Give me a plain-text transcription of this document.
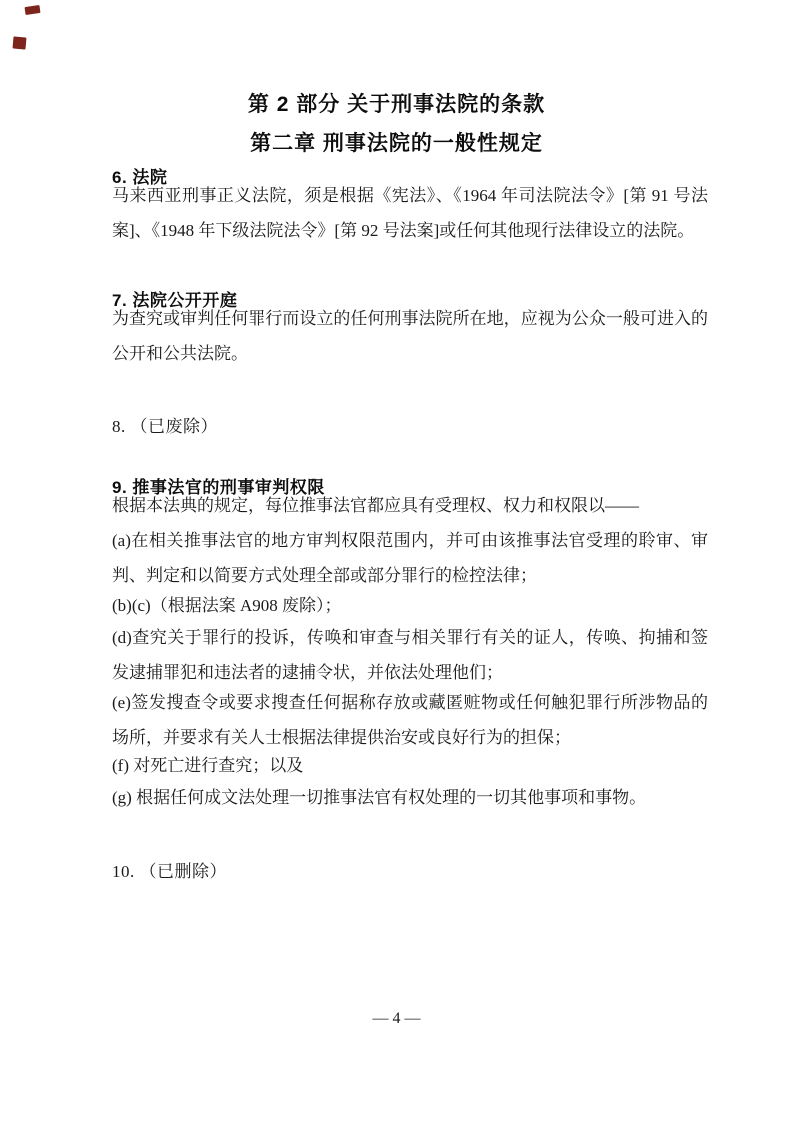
第 2 部分 关于刑事法院的条款
第二章 刑事法院的一般性规定
6. 法院

马来西亚刑事正义法院，须是根据《宪法》、《1964 年司法院法令》[第 91 号法案]、《1948 年下级法院法令》[第 92 号法案]或任何其他现行法律设立的法院。

7. 法院公开开庭

为查究或审判任何罪行而设立的任何刑事法院所在地，应视为公众一般可进入的公开和公共法院。

8. （已废除）
9. 推事法官的刑事审判权限

根据本法典的规定，每位推事法官都应具有受理权、权力和权限以——

(a)在相关推事法官的地方审判权限范围内，并可由该推事法官受理的聆审、审判、判定和以简要方式处理全部或部分罪行的检控法律；

(b)(c)（根据法案 A908 废除）；

(d)查究关于罪行的投诉，传唤和审查与相关罪行有关的证人，传唤、拘捕和签发逮捕罪犯和违法者的逮捕令状，并依法处理他们；

(e)签发搜查令或要求搜查任何据称存放或藏匿赃物或任何触犯罪行所涉物品的场所，并要求有关人士根据法律提供治安或良好行为的担保；

(f) 对死亡进行查究；以及

(g) 根据任何成文法处理一切推事法官有权处理的一切其他事项和事物。

10. （已删除）
— 4 —
